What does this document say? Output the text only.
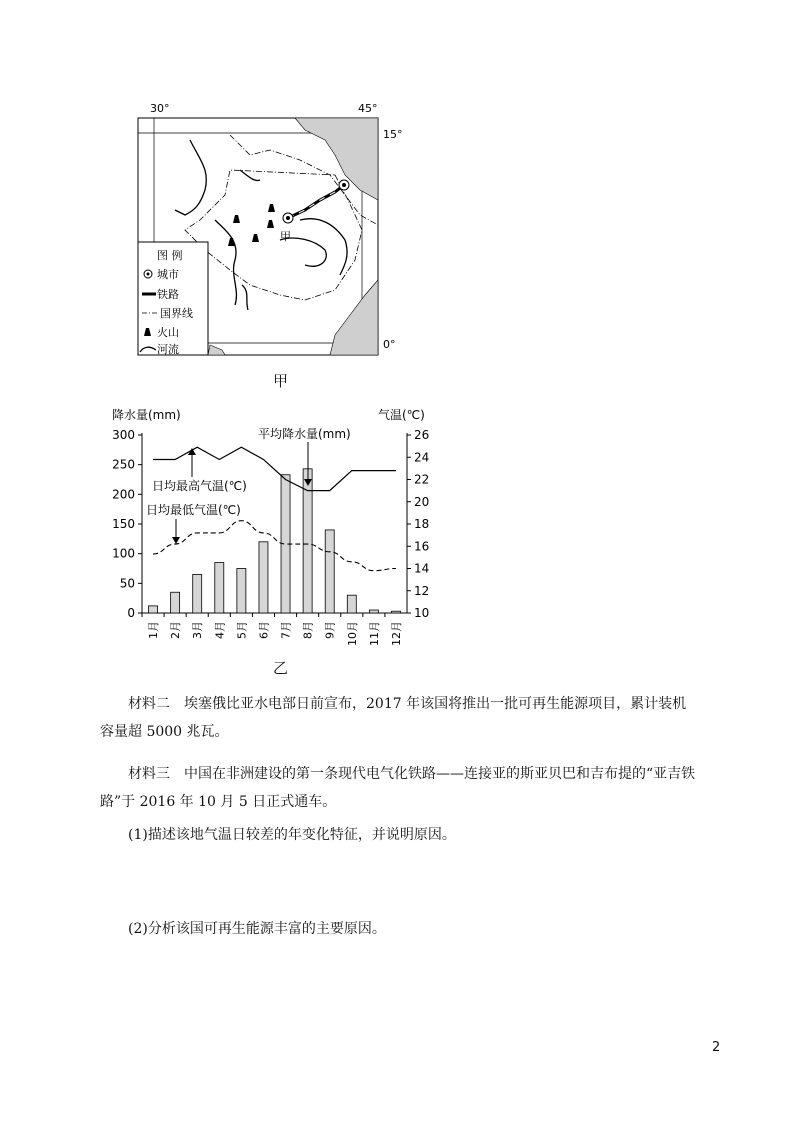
30°	45°
15°
0°
甲
图 例
城市
铁路
国界线
火山
河流
甲
降水量(mm)	气温(℃)
300
250
200
150
100
50
0
26
24
22
20
18
16
14
12
10
1月 2月 3月 4月 5月 6月 7月 8月 9月 10月 11月 12月
平均降水量(mm)
日均最高气温(℃)
日均最低气温(℃)
乙

材料二　埃塞俄比亚水电部日前宣布，2017 年该国将推出一批可再生能源项目，累计装机容量超 5000 兆瓦。

材料三　中国在非洲建设的第一条现代电气化铁路——连接亚的斯亚贝巴和吉布提的“亚吉铁路”于 2016 年 10 月 5 日正式通车。

(1)描述该地气温日较差的年变化特征，并说明原因。
(2)分析该国可再生能源丰富的主要原因。
2
